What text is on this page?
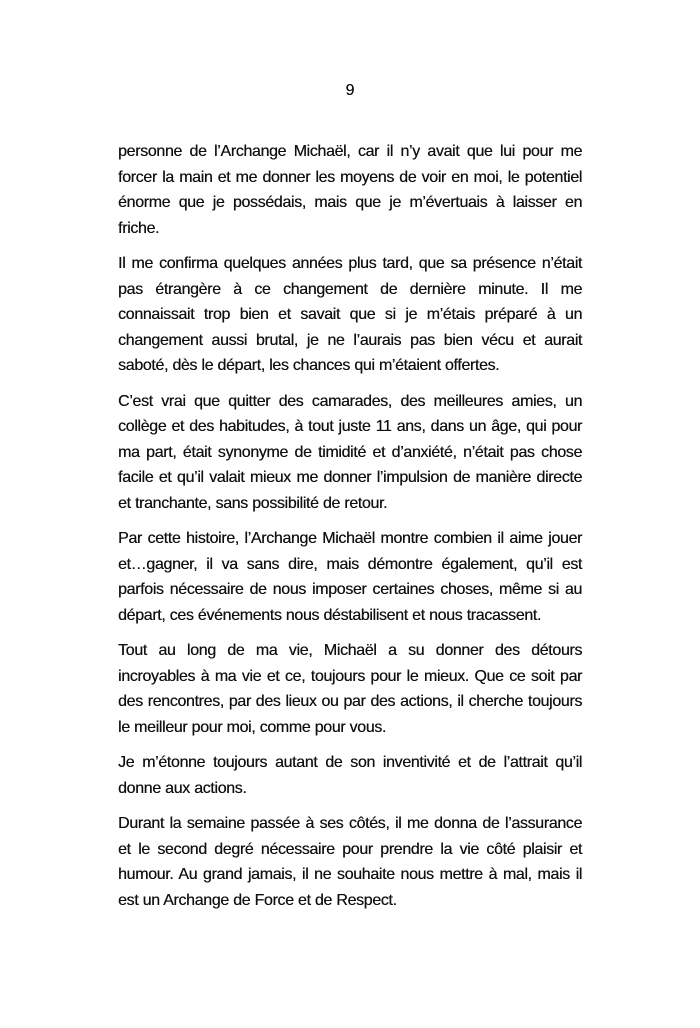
9

personne de l’Archange Michaël, car il n’y avait que lui pour me forcer la main et me donner les moyens de voir en moi, le potentiel énorme que je possédais, mais que je m’évertuais à laisser en friche.

Il me confirma quelques années plus tard, que sa présence n’était pas étrangère à ce changement de dernière minute. Il me connaissait trop bien et savait que si je m’étais préparé à un changement aussi brutal, je ne l’aurais pas bien vécu et aurait saboté, dès le départ, les chances qui m’étaient offertes.

C’est vrai que quitter des camarades, des meilleures amies, un collège et des habitudes, à tout juste 11 ans, dans un âge, qui pour ma part, était synonyme de timidité et d’anxiété, n’était pas chose facile et qu’il valait mieux me donner l’impulsion de manière directe et tranchante, sans possibilité de retour.

Par cette histoire, l’Archange Michaël montre combien il aime jouer et…gagner, il va sans dire, mais démontre également, qu’il est parfois nécessaire de nous imposer certaines choses, même si au départ, ces événements nous déstabilisent et nous tracassent.

Tout au long de ma vie, Michaël a su donner des détours incroyables à ma vie et ce, toujours pour le mieux. Que ce soit par des rencontres, par des lieux ou par des actions, il cherche toujours le meilleur pour moi, comme pour vous.

Je m’étonne toujours autant de son inventivité et de l’attrait qu’il donne aux actions.

Durant la semaine passée à ses côtés, il me donna de l’assurance et le second degré nécessaire pour prendre la vie côté plaisir et humour. Au grand jamais, il ne souhaite nous mettre à mal, mais il est un Archange de Force et de Respect.
